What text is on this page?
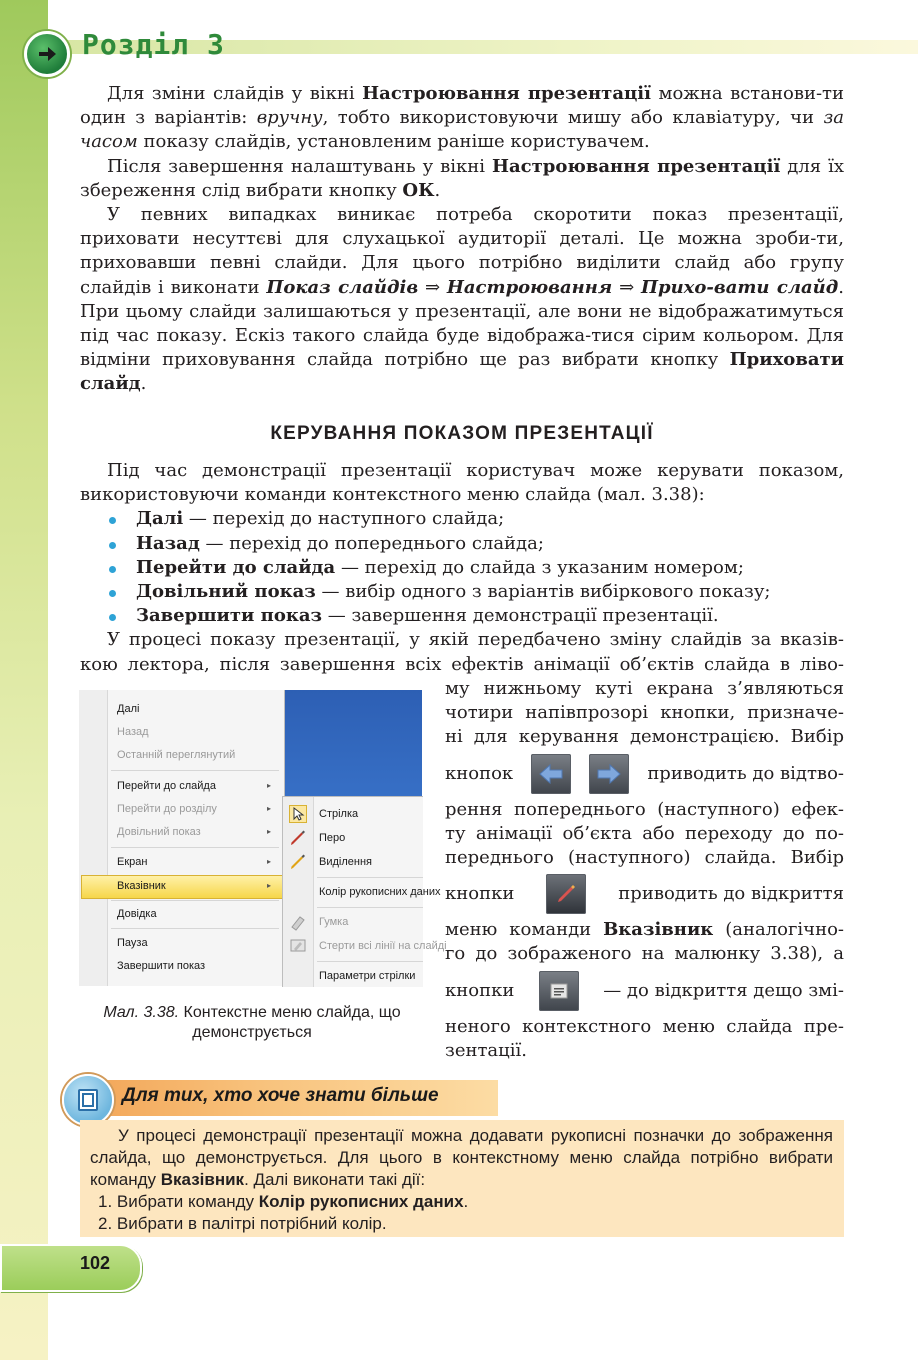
Розділ 3

Для зміни слайдів у вікні Настроювання презентації можна встанови-ти один з варіантів: вручну, тобто використовуючи мишу або клавіатуру, чи за часом показу слайдів, установленим раніше користувачем.

Після завершення налаштувань у вікні Настроювання презентації для їх збереження слід вибрати кнопку ОК.

У певних випадках виникає потреба скоротити показ презентації, приховати несуттєві для слухацької аудиторії деталі. Це можна зроби-ти, приховавши певні слайди. Для цього потрібно виділити слайд або групу слайдів і виконати Показ слайдів ⇒ Настроювання ⇒ Прихо-вати слайд. При цьому слайди залишаються у презентації, але вони не відображатимуться під час показу. Ескіз такого слайда буде відобража-тися сірим кольором. Для відміни приховування слайда потрібно ще раз вибрати кнопку Приховати слайд.

КЕРУВАННЯ ПОКАЗОМ ПРЕЗЕНТАЦІЇ

Під час демонстрації презентації користувач може керувати показом, використовуючи команди контекстного меню слайда (мал. 3.38):

Далі — перехід до наступного слайда;
Назад — перехід до попереднього слайда;
Перейти до слайда — перехід до слайда з указаним номером;
Довільний показ — вибір одного з варіантів вибіркового показу;
Завершити показ — завершення демонстрації презентації.

У процесі показу презентації, у якій передбачено зміну слайдів за вказів-

кою лектора, після завершення всіх ефектів анімації об’єктів слайда в ліво-

му нижньому куті екрана з’являються
чотири напівпрозорі кнопки, призначе-
ні для керування демонстрацією. Вибір
кнопок	приводить до відтво-
рення попереднього (наступного) ефек-
ту анімації об’єкта або переходу до по-
переднього (наступного) слайда. Вибір
кнопки	приводить до відкриття
меню команди Вказівник (аналогічно-
го до зображеного на малюнку 3.38), а
кнопки	— до відкриття дещо змі-
неного контекстного меню слайда пре-
зентації.
Далі
Назад
Останній переглянутий
Перейти до слайда	▸
Перейти до розділу	▸
Довільний показ	▸
Екран	▸
Вказівник	▸
Довідка
Пауза
Завершити показ
Стрілка
Перо
Виділення
Колір рукописних даних
Гумка
Стерти всі лінії на слайді
Параметри стрілки
Мал. 3.38. Контекстне меню слайда, що демонструється
Для тих, хто хоче знати більше

У процесі демонстрації презентації можна додавати рукописні позначки до зображення слайда, що демонструється. Для цього в контекстному меню слайда потрібно вибрати команду Вказівник. Далі виконати такі дії:

1. Вибрати команду Колір рукописних даних.
2. Вибрати в палітрі потрібний колір.
102
